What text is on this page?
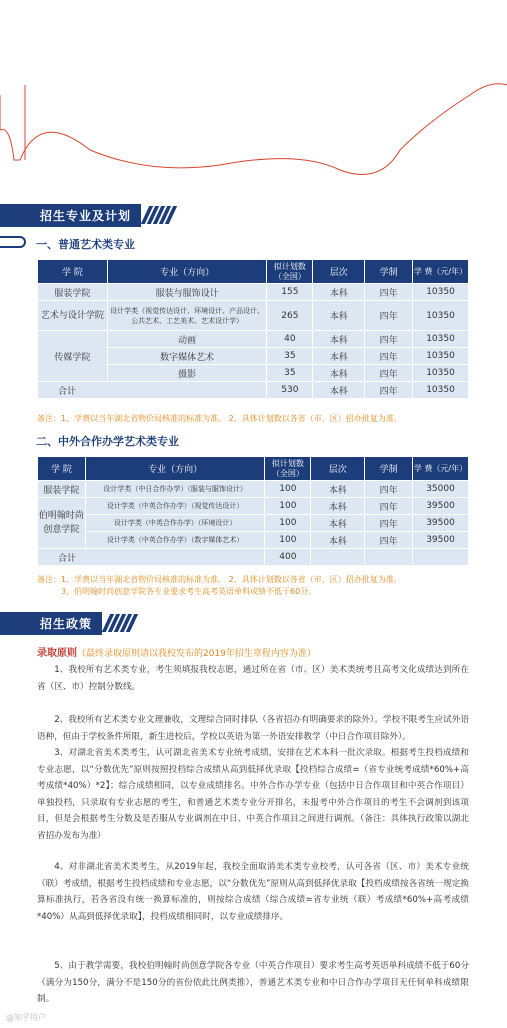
招生专业及计划
一、普通艺术类专业
学 院	专业（方向）	拟计划数（全国）	层次	学制	学 费（元/年）
服装学院	服装与服饰设计	155	本科	四年	10350
艺术与设计学院	设计学类（视觉传达设计、环境设计、产品设计、公共艺术、工艺美术、艺术设计学）	265	本科	四年	10350
传媒学院	动画	40	本科	四年	10350
	数字媒体艺术	35	本科	四年	10350
	摄影	35	本科	四年	10350
合计		530	本科	四年	10350
备注：1、学费以当年湖北省物价局核准的标准为准。 2、具体计划数以各省（市、区）招办批复为准。
二、中外合作办学艺术类专业
学 院	专业（方向）	拟计划数（全国）	层次	学制	学 费（元/年）
服装学院	设计学类（中日合作办学）（服装与服饰设计）	100	本科	四年	35000
伯明翰时尚创意学院	设计学类（中英合作办学）（视觉传达设计）	100	本科	四年	39500
	设计学类（中英合作办学）（环境设计）	100	本科	四年	39500
	设计学类（中英合作办学）（数字媒体艺术）	100	本科	四年	39500
合计		400			
备注：1、学费以当年湖北省物价局核准的标准为准。 2、具体计划数以各省（市、区）招办批复为准。
3、伯明翰时尚创意学院各专业要求考生高考英语单科成绩不低于60分。
招生政策
录取原则（最终录取原则请以我校发布的2019年招生章程内容为准）
1、我校所有艺术类专业，考生须填报我校志愿，通过所在省（市、区）美术类统考且高考文化成绩达到所在省（区、市）控制分数线。
2、我校所有艺术类专业文理兼收，文理综合同时排队（各省招办有明确要求的除外）。学校不限考生应试外语语种，但由于学校条件所限，新生进校后，学校以英语为第一外语安排教学（中日合作项目除外）。
3、对湖北省美术类考生，认可湖北省美术专业统考成绩，安排在艺术本科一批次录取。根据考生投档成绩和专业志愿，以“分数优先”原则按照投档综合成绩从高到低择优录取【投档综合成绩=（省专业统考成绩*60%+高考成绩*40%）*2】；综合成绩相同，以专业成绩排名。中外合作办学专业（包括中日合作项目和中英合作项目）单独投档，只录取有专业志愿的考生，和普通艺术类专业分开排名，未报考中外合作项目的考生不会调剂到该项目，但是会根据考生分数及是否服从专业调剂在中日、中英合作项目之间进行调剂。（备注：具体执行政策以湖北省招办发布为准）
4、对非湖北省美术类考生，从2019年起，我校全面取消美术类专业校考，认可各省（区、市）美术专业统（联）考成绩，根据考生投档成绩和专业志愿，以“分数优先”原则从高到低择优录取【投档成绩按各省统一规定换算标准执行，若各省没有统一换算标准的，则按综合成绩（综合成绩=省专业统（联）考成绩*60%+高考成绩*40%）从高到低择优录取】，投档成绩相同时，以专业成绩排序。
5、由于教学需要，我校伯明翰时尚创意学院各专业（中英合作项目）要求考生高考英语单科成绩不低于60分（满分为150分，满分不是150分的省份依此比例类推），普通艺术类专业和中日合作办学项目无任何单科成绩限制。
@知乎用户
